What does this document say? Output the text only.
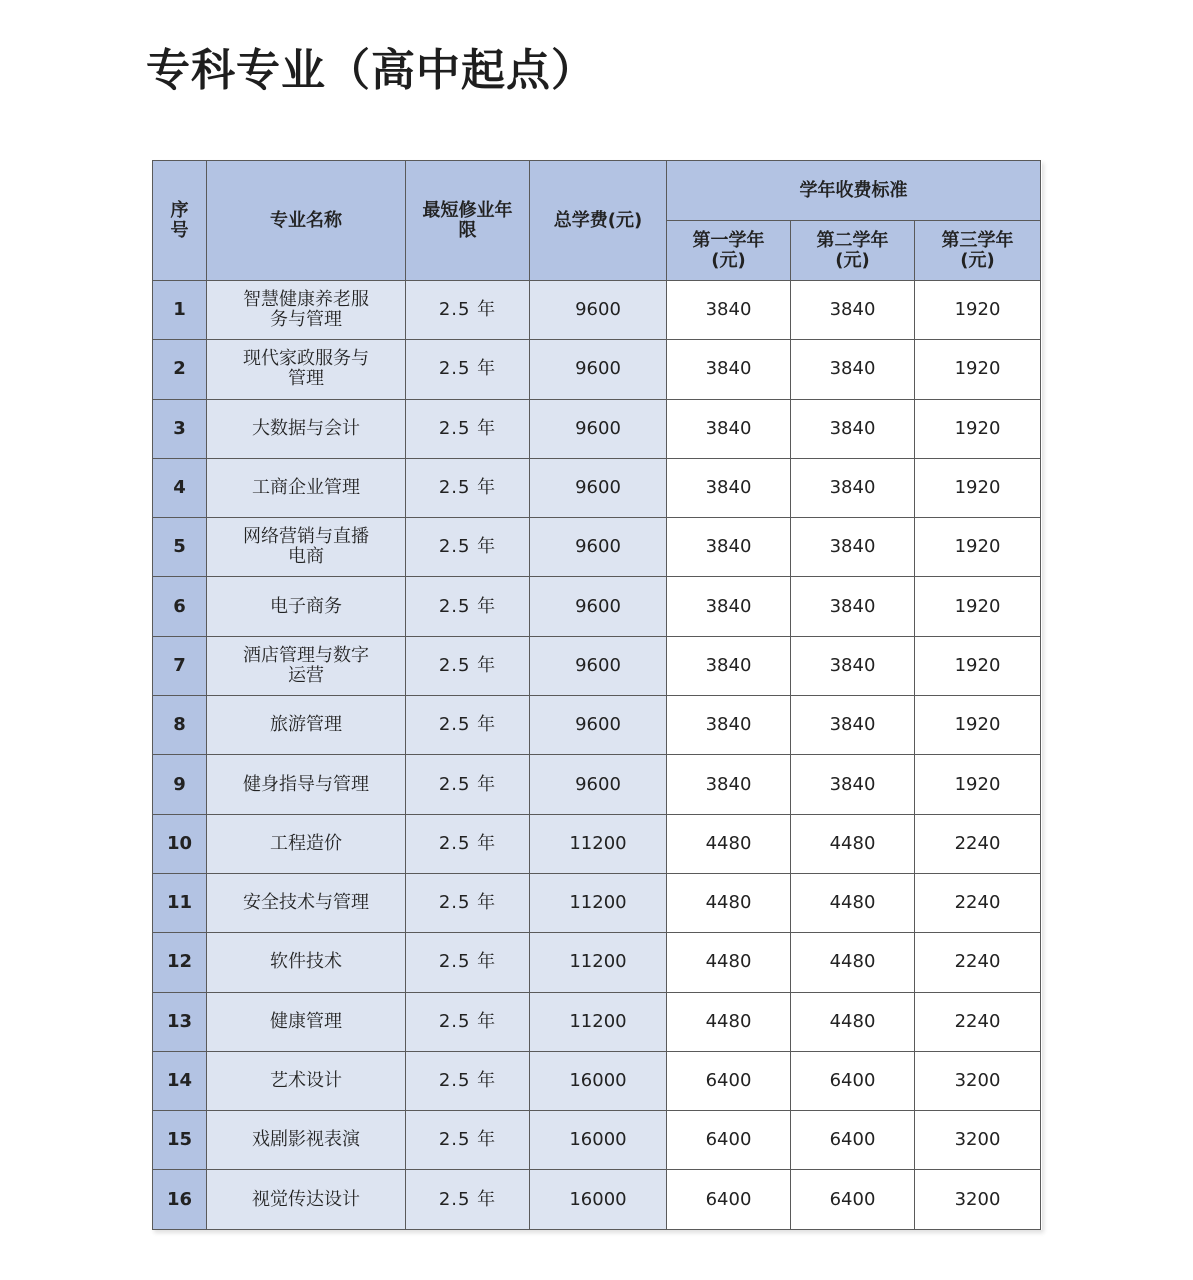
专科专业（高中起点）
序号	专业名称	最短修业年限	总学费(元)	学年收费标准		
				第一学年(元)	第二学年(元)	第三学年(元)
1	智慧健康养老服务与管理	2.5 年	9600	3840	3840	1920
2	现代家政服务与管理	2.5 年	9600	3840	3840	1920
3	大数据与会计	2.5 年	9600	3840	3840	1920
4	工商企业管理	2.5 年	9600	3840	3840	1920
5	网络营销与直播电商	2.5 年	9600	3840	3840	1920
6	电子商务	2.5 年	9600	3840	3840	1920
7	酒店管理与数字运营	2.5 年	9600	3840	3840	1920
8	旅游管理	2.5 年	9600	3840	3840	1920
9	健身指导与管理	2.5 年	9600	3840	3840	1920
10	工程造价	2.5 年	11200	4480	4480	2240
11	安全技术与管理	2.5 年	11200	4480	4480	2240
12	软件技术	2.5 年	11200	4480	4480	2240
13	健康管理	2.5 年	11200	4480	4480	2240
14	艺术设计	2.5 年	16000	6400	6400	3200
15	戏剧影视表演	2.5 年	16000	6400	6400	3200
16	视觉传达设计	2.5 年	16000	6400	6400	3200
